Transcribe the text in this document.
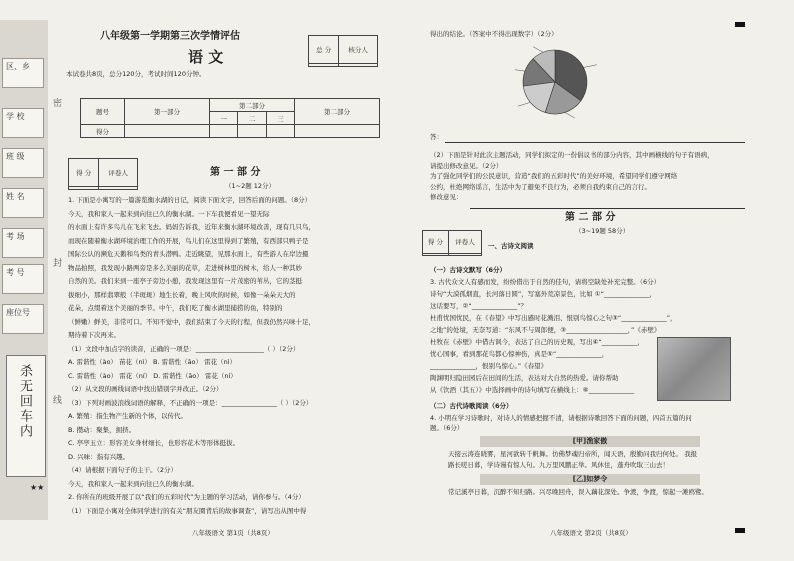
区、乡
学 校
班 级
姓 名
考 场
考 号
座位号
杀无回车内
★★
密
封
线
八年级第一学期第三次学情评估
总 分	核分人

语 文
本试卷共8页，总分120分，考试时间120分钟。
题号	第一部分	第二部分			第二部分
		一	二	三	
得分					
得 分	评卷人
		第 一 部 分
（1~2题 12分）
1. 下面是小寓写的一篇游览衡水湖的日记，阅读下面文字，回答后面的问题。（8分）
今天，我和家人一起来到向往已久的衡水湖。一下车我便看见一望无际
的水面上有许多鸟儿在飞来飞去。妈妈告诉我，近年来衡水湖环境改善，现有几只鸟，
而现在随着衡水湖环境治理工作的开展，鸟儿们在这里得到了繁殖，有西部只鸭子是
国际公认的濒危天鹅和鸟类的青头潜鸭。走近眺望，见那水面上，有些游人在岸边摄
物品拍照，我发现小路两旁是多么美丽的花草，走进树林里的树木，给人一种其妙
自然的美。我们来到一座亭子旁边小憩，我发现这里有一片茂密的苇丛，它的茎挺
拔细小，那样翡翠般（半斑斑）地生长着，晚上风吹的时候，如像一朵朵天大的
花朵，点缀着这个美丽的季节。中午，我们吃了衡水湖里捕捞的鱼，特别的
（鲜嫩）鲜美，非常可口。不知不觉中，我们结束了今天的行程，但我仍然兴味十足，
期待着下次再来。
（1）文段中加点字的读音，正确的一项是：_____________________（ ）（2分）
A. 雷谐性（ào） 苗花（nì） B. 雷谐性（āo） 雷花（nì）
C. 雷谐性（ào） 雷花（ní） D. 雷谐性（āo） 雷花（ní）
（2）从文段的画线词语中找出错别字并改正。（2分）
（3）下列对画波浪线词语的解释，不正确的一项是：_________________（ ）（2分）
A. 繁殖：指生物产生新的个体，以传代。
B. 攒动：聚集，拥挤。
C. 亭亭玉立：形容美女身材细长，也形容花木等形体挺拔。
D. 兴味：指有兴趣。
（4）请根据下面句子的主干。（2分）
今天，我和家人一起来到向往已久的衡水湖。
2. 你所在的班级开展了以“我们的五彩时代”为主题的学习活动，请你参与。（4分）
（1）下面是小寓对全体同学进行的有关“朋友圈背后的故事调查”，请写出从图中得
八年级语文 第1页（共8页）
得出的结论。（答案中不得出现数字）（2分）
答：
（2）下面是针对此次主题活动，同学们拟定的一份倡议书的部分内容，其中画横线的句子有语病，
请提出修改意见。（2分）
为了强化同学们的公民意识，营造“我们的五彩时代”的美好环境，希望同学们遵守网络
公约，杜绝网络谣言，生活中为了避免不良行为，必须自我约束自己的言行。
修改意见：
得 分	评卷人

第 二 部 分
（3~19题 58分）
一、古诗文阅读
（一）古诗文默写（6分）
3. 古代众文人有感而发，纷纷借出于自然的佳句，请将空缺处补充完整。（6分）
诗句“大漠孤烟直，长河落日圆”，写塞外荒凉景色，比如 ①“______________，
这话要写，②“______________”？
杜甫忧国忧民，在《春望》中写出感时花溅泪、恨别鸟惊心之句③“______________”，
之地”的处境，无奈写道：“东风不与周郎便，③___________________，”《赤壁》
杜牧在《赤壁》中借古讽今，表达了自己的历史观，写出④“___________，
忧心国事，看到那花鸟都心惊神伤，真是⑤“______________，
______________，恨别鸟惊心。”《春望》
陶渊明归隐田园后在田间的生活，表达对大自然的热爱。请你帮助
从《饮酒（其五）》中选择画中的诗句填写在横线上：⑥______________
（二）古代诗歌阅读（6分）
4. 小明在学习诗歌时，对诗人的情感把握不清，请根据诗歌回答下面的问题，四首五篇的问
题。（6分）
[甲]渔家傲
天接云涛连晓雾，星河欲转千帆舞。仿佛梦魂归帝所，闻天语，殷勤问我归何处。 我报
路长嗟日暮，学诗谩有惊人句。九万里风鹏正举。风休住，蓬舟吹取三山去！
[乙]如梦令
常记溪亭日暮，沉醉不知归路。兴尽晚回舟，误入藕花深处。争渡，争渡，惊起一滩鸥鹭。
八年级语文 第2页（共8页）
